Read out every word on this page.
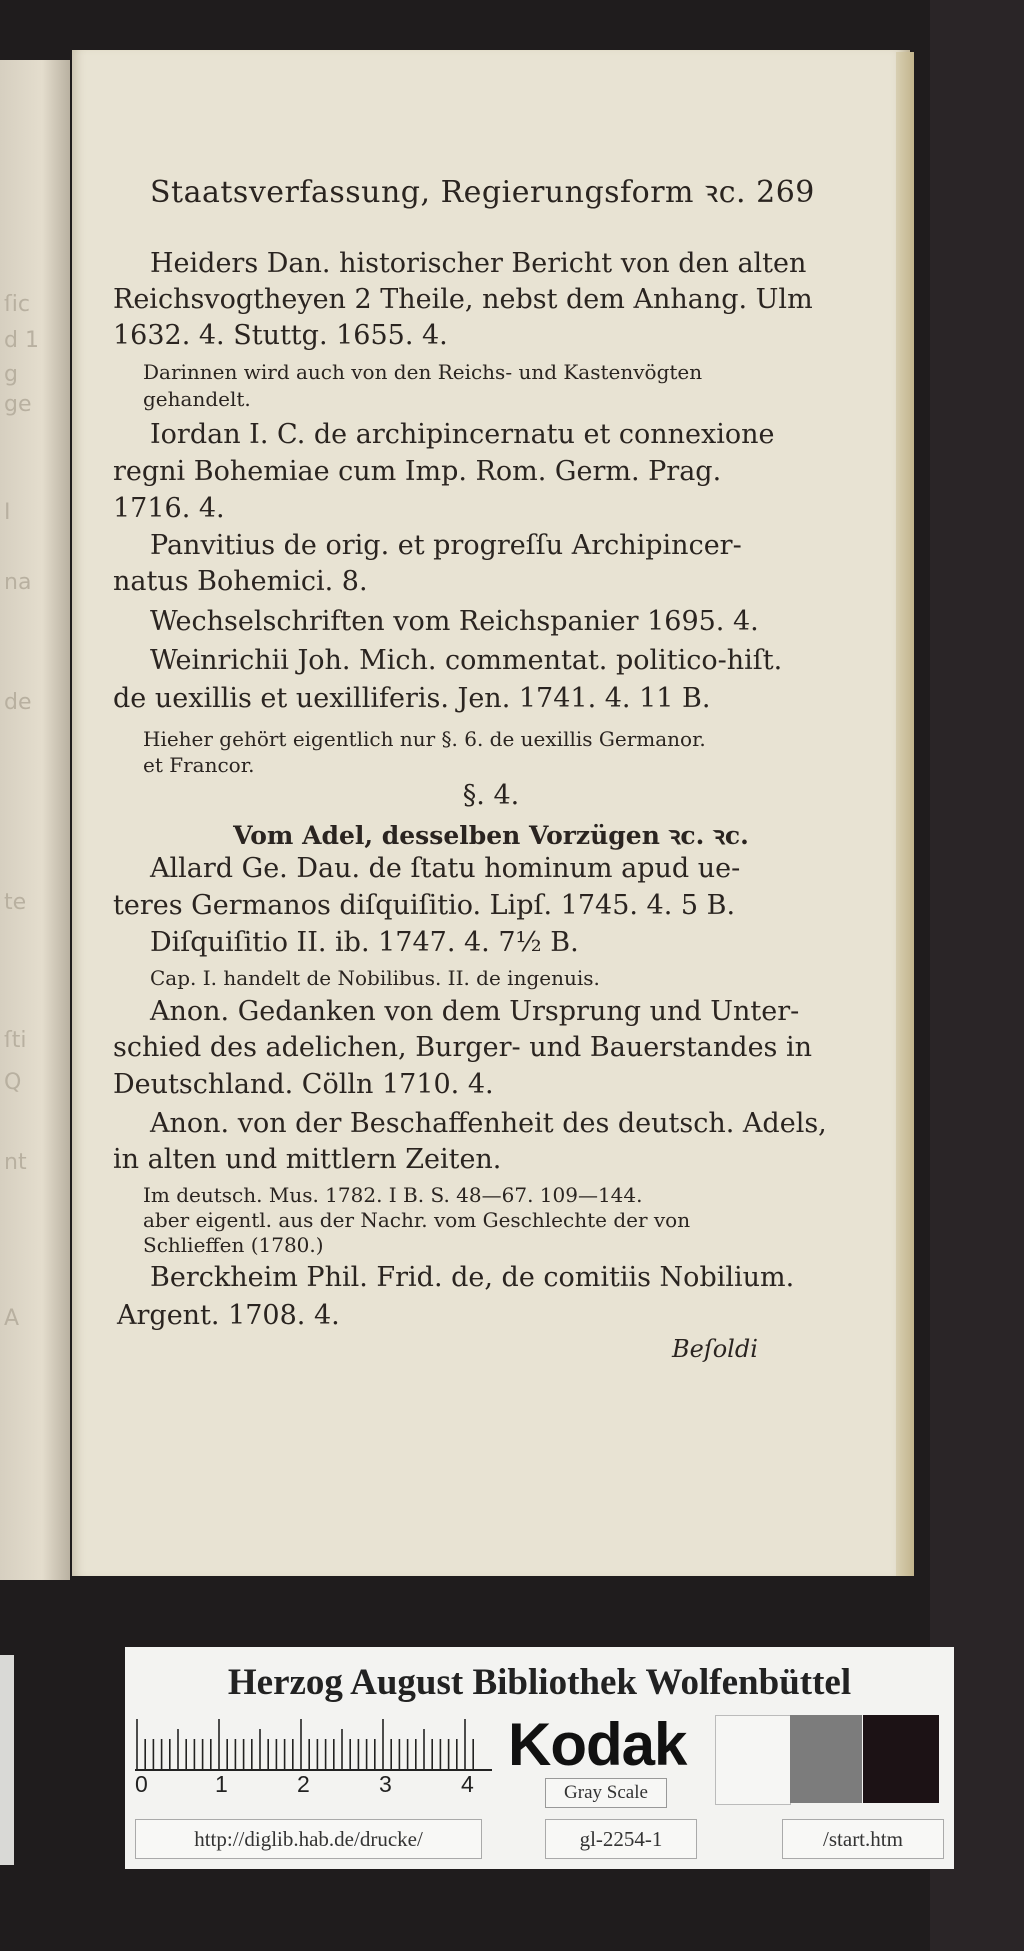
ſic
d 1
g
ge
I
na
de
te
ſti
Q
nt
A
Staatsverfassung, Regierungsform ꝛc. 269
Heiders Dan. historischer Bericht von den alten
Reichsvogtheyen 2 Theile, nebst dem Anhang. Ulm
1632. 4. Stuttg. 1655. 4.
Darinnen wird auch von den Reichs- und Kastenvögten
gehandelt.
Iordan I. C. de archipincernatu et connexione
regni Bohemiae cum Imp. Rom. Germ. Prag.
1716. 4.
Panvitius de orig. et progreſſu Archipincer-
natus Bohemici. 8.
Wechselschriften vom Reichspanier 1695. 4.
Weinrichii Joh. Mich. commentat. politico-hiſt.
de uexillis et uexilliferis. Jen. 1741. 4. 11 B.
Hieher gehört eigentlich nur §. 6. de uexillis Germanor.
et Francor.
§. 4.
Vom Adel, desselben Vorzügen ꝛc. ꝛc.
Allard Ge. Dau. de ſtatu hominum apud ue-
teres Germanos diſquiſitio. Lipſ. 1745. 4. 5 B.
Diſquiſitio II. ib. 1747. 4. 7½ B.
Cap. I. handelt de Nobilibus. II. de ingenuis.
Anon. Gedanken von dem Ursprung und Unter-
schied des adelichen, Burger- und Bauerstandes in
Deutschland. Cölln 1710. 4.
Anon. von der Beschaffenheit des deutsch. Adels,
in alten und mittlern Zeiten.
Im deutsch. Mus. 1782. I B. S. 48—67. 109—144.
aber eigentl. aus der Nachr. vom Geschlechte der von
Schlieffen (1780.)
Berckheim Phil. Frid. de, de comitiis Nobilium.
Argent. 1708. 4.
Beſoldi
Herzog August Bibliothek Wolfenbüttel
0	1	2	3	4
Kodak
Gray Scale
http://diglib.hab.de/drucke/	gl-2254-1	/start.htm
